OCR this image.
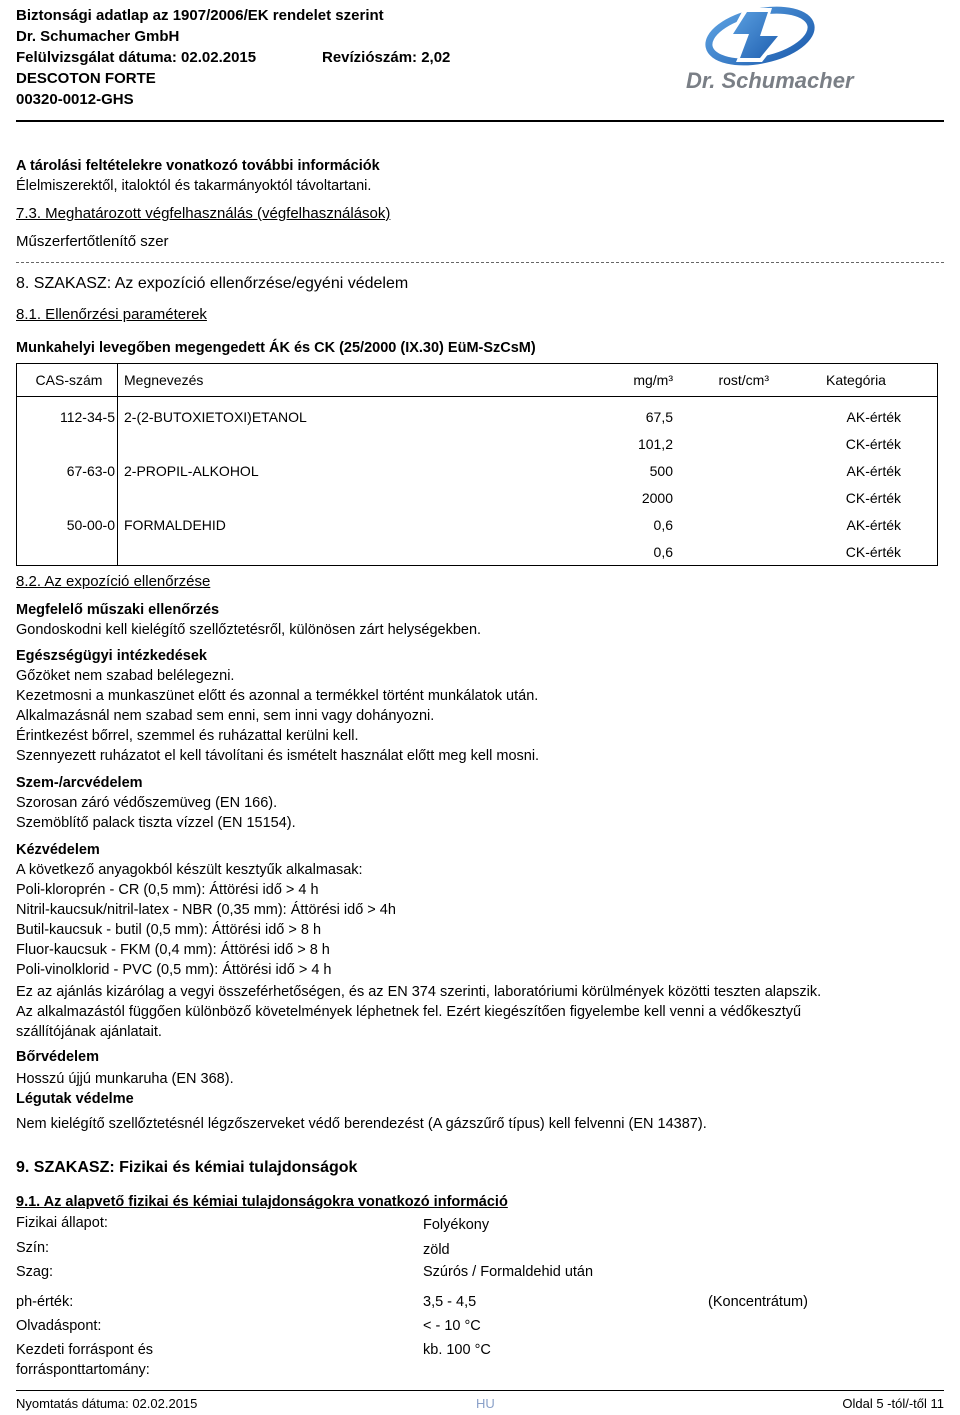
Biztonsági adatlap az 1907/2006/EK rendelet szerint
Dr. Schumacher GmbH
Felülvizsgálat dátuma: 02.02.2015	Revíziószám: 2,02
DESCOTON FORTE
00320-0012-GHS
Dr. Schumacher
A tárolási feltételekre vonatkozó további információk
Élelmiszerektől, italoktól és takarmányoktól távoltartani.
7.3. Meghatározott végfelhasználás (végfelhasználások)
Műszerfertőtlenítő szer
8. SZAKASZ: Az expozíció ellenőrzése/egyéni védelem
8.1. Ellenőrzési paraméterek
Munkahelyi levegőben megengedett ÁK és CK (25/2000 (IX.30) EüM-SzCsM)
CAS-szám	Megnevezés	mg/m³	rost/cm³	Kategória

112-34-5	2-(2-BUTOXIETOXI)ETANOL	67,5		AK-érték
		101,2		CK-érték
67-63-0	2-PROPIL-ALKOHOL	500		AK-érték
		2000		CK-érték
50-00-0	FORMALDEHID	0,6		AK-érték
		0,6		CK-érték
8.2. Az expozíció ellenőrzése
Megfelelő műszaki ellenőrzés
Gondoskodni kell kielégítő szellőztetésről, különösen zárt helységekben.
Egészségügyi intézkedések
Gőzöket nem szabad belélegezni.
Kezetmosni a munkaszünet előtt és azonnal a termékkel történt munkálatok után.
Alkalmazásnál nem szabad sem enni, sem inni vagy dohányozni.
Érintkezést bőrrel, szemmel és ruházattal kerülni kell.
Szennyezett ruházatot el kell távolítani és ismételt használat előtt meg kell mosni.
Szem-/arcvédelem
Szorosan záró védőszemüveg (EN 166).
Szemöblítő palack tiszta vízzel (EN 15154).
Kézvédelem
A következő anyagokból készült kesztyűk alkalmasak:
Poli-kloroprén - CR (0,5 mm): Áttörési idő > 4 h
Nitril-kaucsuk/nitril-latex - NBR (0,35 mm): Áttörési idő > 4h
Butil-kaucsuk - butil (0,5 mm): Áttörési idő > 8 h
Fluor-kaucsuk - FKM (0,4 mm): Áttörési idő > 8 h
Poli-vinolklorid - PVC (0,5 mm): Áttörési idő > 4 h
Ez az ajánlás kizárólag a vegyi összeférhetőségen, és az EN 374 szerinti, laboratóriumi körülmények közötti teszten alapszik.
Az alkalmazástól függően különböző követelmények léphetnek fel. Ezért kiegészítően figyelembe kell venni a védőkesztyű
szállítójának ajánlatait.
Bőrvédelem
Hosszú újjú munkaruha (EN 368).
Légutak védelme
Nem kielégítő szellőztetésnél légzőszerveket védő berendezést (A gázszűrő típus) kell felvenni (EN 14387).
9. SZAKASZ: Fizikai és kémiai tulajdonságok
9.1. Az alapvető fizikai és kémiai tulajdonságokra vonatkozó információ
Fizikai állapot:	Folyékony
Szín:	zöld
Szag:	Szúrós / Formaldehid után
ph-érték:	3,5 - 4,5	(Koncentrátum)
Olvadáspont:	< - 10 °C
Kezdeti forráspont és
forrásponttartomány:
kb. 100 °C
Nyomtatás dátuma: 02.02.2015	HU	Oldal 5 -tól/-től 11
